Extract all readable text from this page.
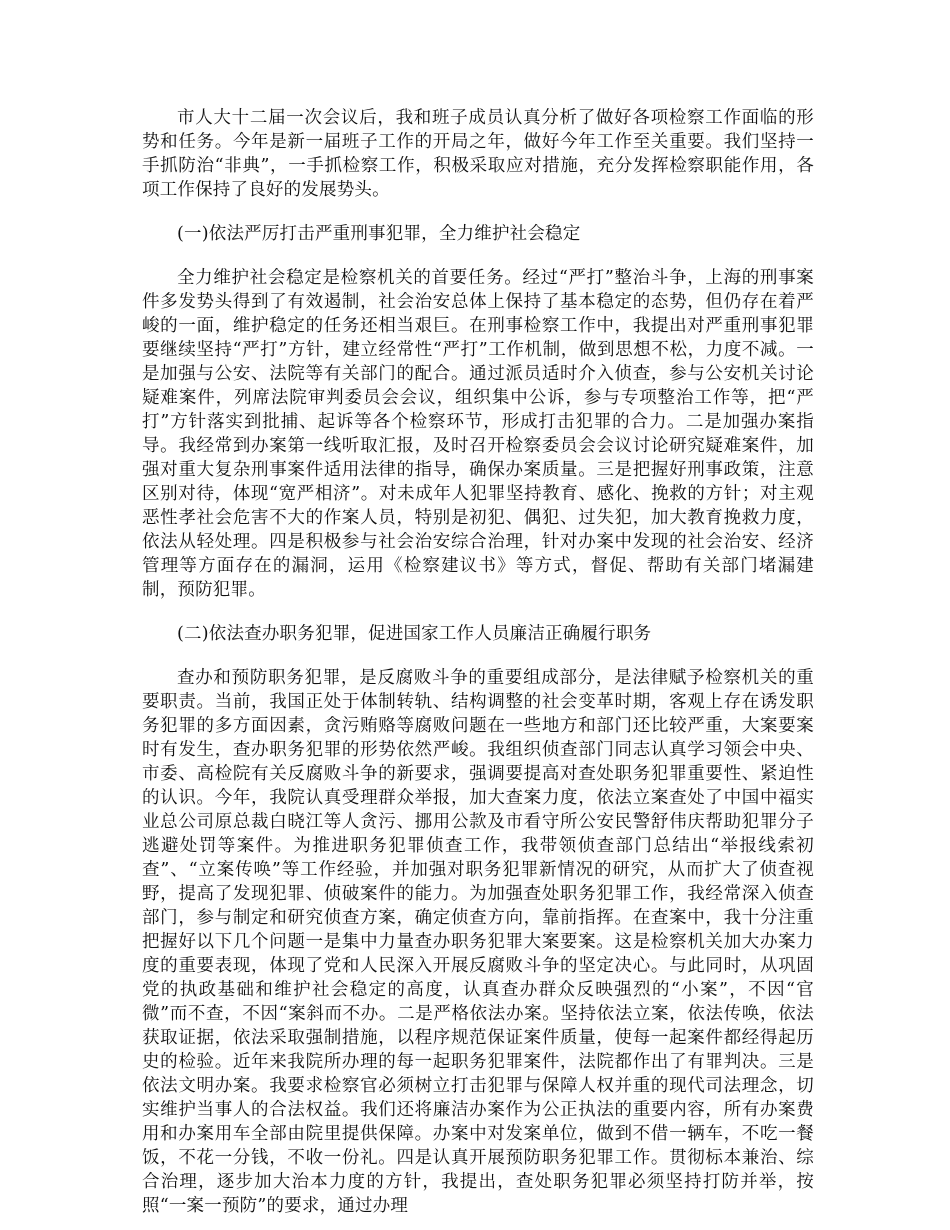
市人大十二届一次会议后，我和班子成员认真分析了做好各项检察工作面临的形势和任务。今年是新一届班子工作的开局之年，做好今年工作至关重要。我们坚持一手抓防治“非典”，一手抓检察工作，积极采取应对措施，充分发挥检察职能作用，各项工作保持了良好的发展势头。

(一)依法严厉打击严重刑事犯罪，全力维护社会稳定

全力维护社会稳定是检察机关的首要任务。经过“严打”整治斗争，上海的刑事案件多发势头得到了有效遏制，社会治安总体上保持了基本稳定的态势，但仍存在着严峻的一面，维护稳定的任务还相当艰巨。在刑事检察工作中，我提出对严重刑事犯罪要继续坚持“严打”方针，建立经常性“严打”工作机制，做到思想不松，力度不减。一是加强与公安、法院等有关部门的配合。通过派员适时介入侦查，参与公安机关讨论疑难案件，列席法院审判委员会会议，组织集中公诉，参与专项整治工作等，把“严打”方针落实到批捕、起诉等各个检察环节，形成打击犯罪的合力。二是加强办案指导。我经常到办案第一线听取汇报，及时召开检察委员会会议讨论研究疑难案件，加强对重大复杂刑事案件适用法律的指导，确保办案质量。三是把握好刑事政策，注意区别对待，体现“宽严相济”。对未成年人犯罪坚持教育、感化、挽救的方针；对主观恶性孝社会危害不大的作案人员，特别是初犯、偶犯、过失犯，加大教育挽救力度，依法从轻处理。四是积极参与社会治安综合治理，针对办案中发现的社会治安、经济管理等方面存在的漏洞，运用《检察建议书》等方式，督促、帮助有关部门堵漏建制，预防犯罪。

(二)依法查办职务犯罪，促进国家工作人员廉洁正确履行职务

查办和预防职务犯罪，是反腐败斗争的重要组成部分，是法律赋予检察机关的重要职责。当前，我国正处于体制转轨、结构调整的社会变革时期，客观上存在诱发职务犯罪的多方面因素，贪污贿赂等腐败问题在一些地方和部门还比较严重，大案要案时有发生，查办职务犯罪的形势依然严峻。我组织侦查部门同志认真学习领会中央、市委、高检院有关反腐败斗争的新要求，强调要提高对查处职务犯罪重要性、紧迫性的认识。今年，我院认真受理群众举报，加大查案力度，依法立案查处了中国中福实业总公司原总裁白晓江等人贪污、挪用公款及市看守所公安民警舒伟庆帮助犯罪分子逃避处罚等案件。为推进职务犯罪侦查工作，我带领侦查部门总结出“举报线索初查”、“立案传唤”等工作经验，并加强对职务犯罪新情况的研究，从而扩大了侦查视野，提高了发现犯罪、侦破案件的能力。为加强查处职务犯罪工作，我经常深入侦查部门，参与制定和研究侦查方案，确定侦查方向，靠前指挥。在查案中，我十分注重把握好以下几个问题一是集中力量查办职务犯罪大案要案。这是检察机关加大办案力度的重要表现，体现了党和人民深入开展反腐败斗争的坚定决心。与此同时，从巩固党的执政基础和维护社会稳定的高度，认真查办群众反映强烈的“小案”，不因“官微”而不查，不因“案斜而不办。二是严格依法办案。坚持依法立案，依法传唤，依法获取证据，依法采取强制措施，以程序规范保证案件质量，使每一起案件都经得起历史的检验。近年来我院所办理的每一起职务犯罪案件，法院都作出了有罪判决。三是依法文明办案。我要求检察官必须树立打击犯罪与保障人权并重的现代司法理念，切实维护当事人的合法权益。我们还将廉洁办案作为公正执法的重要内容，所有办案费用和办案用车全部由院里提供保障。办案中对发案单位，做到不借一辆车，不吃一餐饭，不花一分钱，不收一份礼。四是认真开展预防职务犯罪工作。贯彻标本兼治、综合治理，逐步加大治本力度的方针，我提出，查处职务犯罪必须坚持打防并举，按照“一案一预防”的要求，通过办理
